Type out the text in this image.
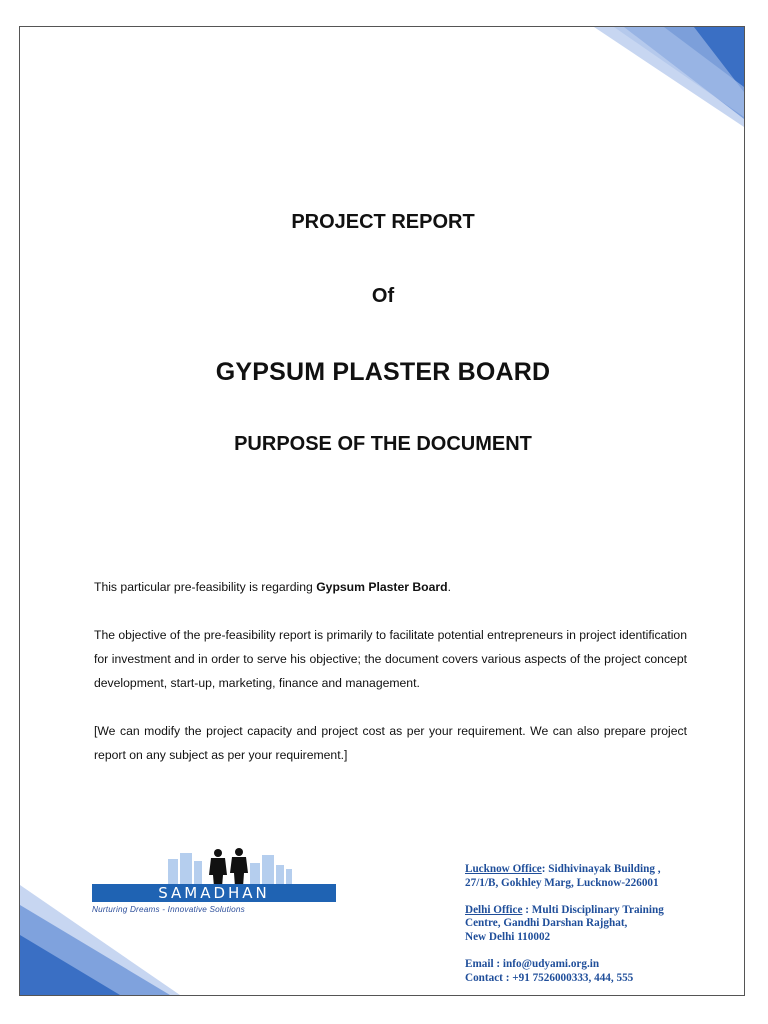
PROJECT REPORT
Of
GYPSUM PLASTER BOARD
PURPOSE OF THE DOCUMENT
This particular pre-feasibility is regarding Gypsum Plaster Board.
The objective of the pre-feasibility report is primarily to facilitate potential entrepreneurs in project identification for investment and in order to serve his objective; the document covers various aspects of the project concept development, start-up, marketing, finance and management.
[We can modify the project capacity and project cost as per your requirement. We can also prepare project report on any subject as per your requirement.]
SAMADHAN
Nurturing Dreams - Innovative Solutions
Lucknow Office: Sidhivinayak Building ,
27/1/B, Gokhley Marg, Lucknow-226001
Delhi Office : Multi Disciplinary Training
Centre, Gandhi Darshan Rajghat,
New Delhi 110002
Email : info@udyami.org.in
Contact : +91 7526000333, 444, 555
